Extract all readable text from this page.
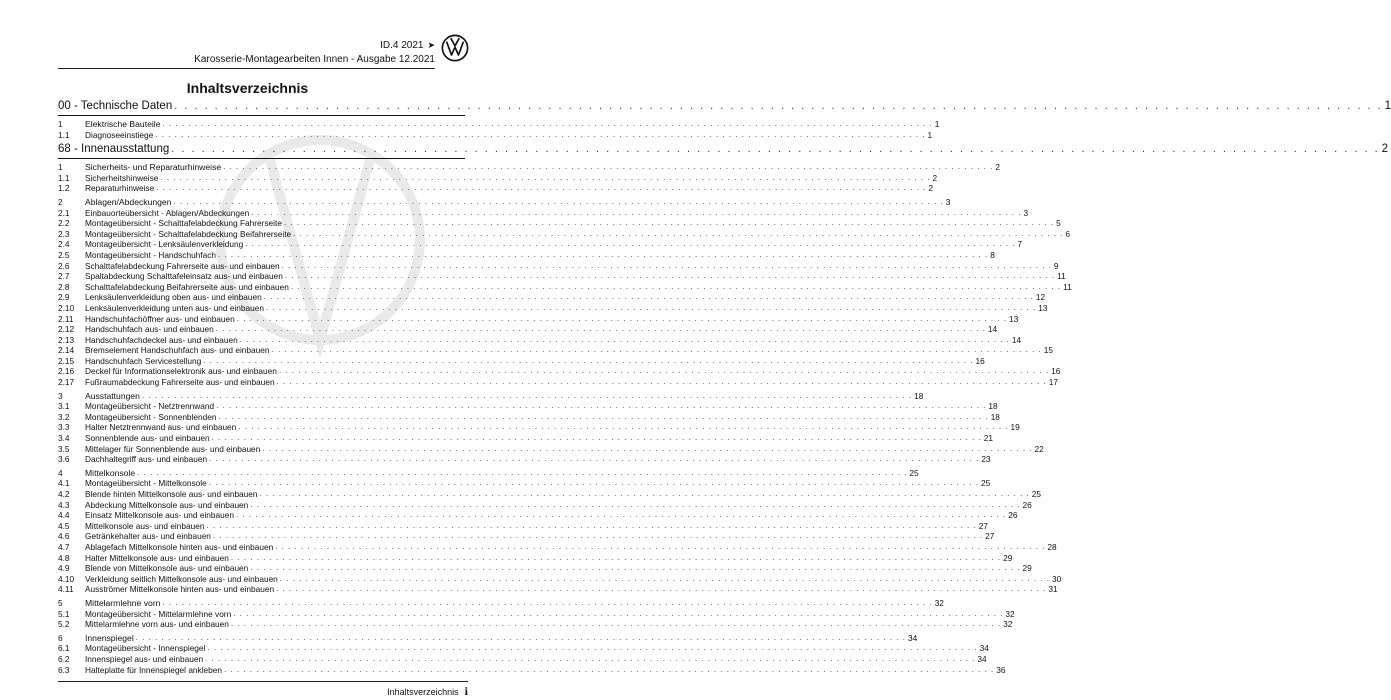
ID.4 2021 ➤
Karosserie-Montagearbeiten Innen - Ausgabe 12.2021
Inhaltsverzeichnis
00 - Technische Daten . . . . . . . . . . . . . . . . . . . . . . . . . . . . . . . . . . . . . . . . . . . . . . . . . . . . . . . . . . . . . . . . . . . . . . . . . . . . . . . . . . . . . . . . . . . . . . . . . . . . . . . . . . . . . . . . . . . . . . . . 1
1	Elektrische Bauteile . . . . . . . . . . . . . . . . . . . . . . . . . . . . . . . . . . . . . . . . . . . . . . . . . . . . . . . . . . . . . . . . . . . . . . . . . . . . . . . . . . . . . . . . . . . . . . . . . . . . . . . . . . . . . . . . . . . . . . . . 1
1.1	Diagnoseeinstiege . . . . . . . . . . . . . . . . . . . . . . . . . . . . . . . . . . . . . . . . . . . . . . . . . . . . . . . . . . . . . . . . . . . . . . . . . . . . . . . . . . . . . . . . . . . . . . . . . . . . . . . . . . . . . . . . . . . . . . . . 1
68 - Innenausstattung . . . . . . . . . . . . . . . . . . . . . . . . . . . . . . . . . . . . . . . . . . . . . . . . . . . . . . . . . . . . . . . . . . . . . . . . . . . . . . . . . . . . . . . . . . . . . . . . . . . . . . . . . . . . . . . . . . . . . . . . 2
1	Sicherheits- und Reparaturhinweise . . . . . . . . . . . . . . . . . . . . . . . . . . . . . . . . . . . . . . . . . . . . . . . . . . . . . . . . . . . . . . . . . . . . . . . . . . . . . . . . . . . . . . . . . . . . . . . . . . . . . . . . . . . . . . . . . . . . . . . . 2
1.1	Sicherheitshinweise . . . . . . . . . . . . . . . . . . . . . . . . . . . . . . . . . . . . . . . . . . . . . . . . . . . . . . . . . . . . . . . . . . . . . . . . . . . . . . . . . . . . . . . . . . . . . . . . . . . . . . . . . . . . . . . . . . . . . . . . 2
1.2	Reparaturhinweise . . . . . . . . . . . . . . . . . . . . . . . . . . . . . . . . . . . . . . . . . . . . . . . . . . . . . . . . . . . . . . . . . . . . . . . . . . . . . . . . . . . . . . . . . . . . . . . . . . . . . . . . . . . . . . . . . . . . . . . . 2
2	Ablagen/Abdeckungen . . . . . . . . . . . . . . . . . . . . . . . . . . . . . . . . . . . . . . . . . . . . . . . . . . . . . . . . . . . . . . . . . . . . . . . . . . . . . . . . . . . . . . . . . . . . . . . . . . . . . . . . . . . . . . . . . . . . . . . . 3
2.1	Einbauortеübersicht - Ablagen/Abdeckungen . . . . . . . . . . . . . . . . . . . . . . . . . . . . . . . . . . . . . . . . . . . . . . . . . . . . . . . . . . . . . . . . . . . . . . . . . . . . . . . . . . . . . . . . . . . . . . . . . . . . . . . . . . . . . . . . . . . . . . . . 3
2.2	Montageübersicht - Schalttafelabdeckung Fahrerseite . . . . . . . . . . . . . . . . . . . . . . . . . . . . . . . . . . . . . . . . . . . . . . . . . . . . . . . . . . . . . . . . . . . . . . . . . . . . . . . . . . . . . . . . . . . . . . . . . . . . . . . . . . . . . . . . . . . . . . . . 5
2.3	Montageübersicht - Schalttafelabdeckung Beifahrerseite . . . . . . . . . . . . . . . . . . . . . . . . . . . . . . . . . . . . . . . . . . . . . . . . . . . . . . . . . . . . . . . . . . . . . . . . . . . . . . . . . . . . . . . . . . . . . . . . . . . . . . . . . . . . . . . . . . . . . . . . 6
2.4	Montageübersicht - Lenksäulenverkleidung . . . . . . . . . . . . . . . . . . . . . . . . . . . . . . . . . . . . . . . . . . . . . . . . . . . . . . . . . . . . . . . . . . . . . . . . . . . . . . . . . . . . . . . . . . . . . . . . . . . . . . . . . . . . . . . . . . . . . . . . 7
2.5	Montageübersicht - Handschuhfach . . . . . . . . . . . . . . . . . . . . . . . . . . . . . . . . . . . . . . . . . . . . . . . . . . . . . . . . . . . . . . . . . . . . . . . . . . . . . . . . . . . . . . . . . . . . . . . . . . . . . . . . . . . . . . . . . . . . . . . . 8
2.6	Schalttafelabdeckung Fahrerseite aus- und einbauen . . . . . . . . . . . . . . . . . . . . . . . . . . . . . . . . . . . . . . . . . . . . . . . . . . . . . . . . . . . . . . . . . . . . . . . . . . . . . . . . . . . . . . . . . . . . . . . . . . . . . . . . . . . . . . . . . . . . . . . . 9
2.7	Spaltabdeckung Schalttafeleinsatz aus- und einbauen . . . . . . . . . . . . . . . . . . . . . . . . . . . . . . . . . . . . . . . . . . . . . . . . . . . . . . . . . . . . . . . . . . . . . . . . . . . . . . . . . . . . . . . . . . . . . . . . . . . . . . . . . . . . . . . . . . . . . . . . 11
2.8	Schalttafelabdeckung Beifahrerseite aus- und einbauen . . . . . . . . . . . . . . . . . . . . . . . . . . . . . . . . . . . . . . . . . . . . . . . . . . . . . . . . . . . . . . . . . . . . . . . . . . . . . . . . . . . . . . . . . . . . . . . . . . . . . . . . . . . . . . . . . . . . . . . . 11
2.9	Lenksäulenverkleidung oben aus- und einbauen . . . . . . . . . . . . . . . . . . . . . . . . . . . . . . . . . . . . . . . . . . . . . . . . . . . . . . . . . . . . . . . . . . . . . . . . . . . . . . . . . . . . . . . . . . . . . . . . . . . . . . . . . . . . . . . . . . . . . . . . 12
2.10	Lenksäulenverkleidung unten aus- und einbauen . . . . . . . . . . . . . . . . . . . . . . . . . . . . . . . . . . . . . . . . . . . . . . . . . . . . . . . . . . . . . . . . . . . . . . . . . . . . . . . . . . . . . . . . . . . . . . . . . . . . . . . . . . . . . . . . . . . . . . . . 13
2.11	Handschuhfachöffner aus- und einbauen . . . . . . . . . . . . . . . . . . . . . . . . . . . . . . . . . . . . . . . . . . . . . . . . . . . . . . . . . . . . . . . . . . . . . . . . . . . . . . . . . . . . . . . . . . . . . . . . . . . . . . . . . . . . . . . . . . . . . . . . 13
2.12	Handschuhfach aus- und einbauen . . . . . . . . . . . . . . . . . . . . . . . . . . . . . . . . . . . . . . . . . . . . . . . . . . . . . . . . . . . . . . . . . . . . . . . . . . . . . . . . . . . . . . . . . . . . . . . . . . . . . . . . . . . . . . . . . . . . . . . . 14
2.13	Handschuhfachdeckel aus- und einbauen . . . . . . . . . . . . . . . . . . . . . . . . . . . . . . . . . . . . . . . . . . . . . . . . . . . . . . . . . . . . . . . . . . . . . . . . . . . . . . . . . . . . . . . . . . . . . . . . . . . . . . . . . . . . . . . . . . . . . . . . 14
2.14	Bremselement Handschuhfach aus- und einbauen . . . . . . . . . . . . . . . . . . . . . . . . . . . . . . . . . . . . . . . . . . . . . . . . . . . . . . . . . . . . . . . . . . . . . . . . . . . . . . . . . . . . . . . . . . . . . . . . . . . . . . . . . . . . . . . . . . . . . . . . 15
2.15	Handschuhfach Servicestellung . . . . . . . . . . . . . . . . . . . . . . . . . . . . . . . . . . . . . . . . . . . . . . . . . . . . . . . . . . . . . . . . . . . . . . . . . . . . . . . . . . . . . . . . . . . . . . . . . . . . . . . . . . . . . . . . . . . . . . . . 16
2.16	Deckel für Informationselektronik aus- und einbauen . . . . . . . . . . . . . . . . . . . . . . . . . . . . . . . . . . . . . . . . . . . . . . . . . . . . . . . . . . . . . . . . . . . . . . . . . . . . . . . . . . . . . . . . . . . . . . . . . . . . . . . . . . . . . . . . . . . . . . . . 16
2.17	Fußraumabdeckung Fahrerseite aus- und einbauen . . . . . . . . . . . . . . . . . . . . . . . . . . . . . . . . . . . . . . . . . . . . . . . . . . . . . . . . . . . . . . . . . . . . . . . . . . . . . . . . . . . . . . . . . . . . . . . . . . . . . . . . . . . . . . . . . . . . . . . . 17
3	Ausstattungen . . . . . . . . . . . . . . . . . . . . . . . . . . . . . . . . . . . . . . . . . . . . . . . . . . . . . . . . . . . . . . . . . . . . . . . . . . . . . . . . . . . . . . . . . . . . . . . . . . . . . . . . . . . . . . . . . . . . . . . . 18
3.1	Montageübersicht - Netztrennwand . . . . . . . . . . . . . . . . . . . . . . . . . . . . . . . . . . . . . . . . . . . . . . . . . . . . . . . . . . . . . . . . . . . . . . . . . . . . . . . . . . . . . . . . . . . . . . . . . . . . . . . . . . . . . . . . . . . . . . . . 18
3.2	Montageübersicht - Sonnenblenden . . . . . . . . . . . . . . . . . . . . . . . . . . . . . . . . . . . . . . . . . . . . . . . . . . . . . . . . . . . . . . . . . . . . . . . . . . . . . . . . . . . . . . . . . . . . . . . . . . . . . . . . . . . . . . . . . . . . . . . . 18
3.3	Halter Netztrennwand aus- und einbauen . . . . . . . . . . . . . . . . . . . . . . . . . . . . . . . . . . . . . . . . . . . . . . . . . . . . . . . . . . . . . . . . . . . . . . . . . . . . . . . . . . . . . . . . . . . . . . . . . . . . . . . . . . . . . . . . . . . . . . . . 19
3.4	Sonnenblende aus- und einbauen . . . . . . . . . . . . . . . . . . . . . . . . . . . . . . . . . . . . . . . . . . . . . . . . . . . . . . . . . . . . . . . . . . . . . . . . . . . . . . . . . . . . . . . . . . . . . . . . . . . . . . . . . . . . . . . . . . . . . . . . 21
3.5	Mittelager für Sonnenblende aus- und einbauen . . . . . . . . . . . . . . . . . . . . . . . . . . . . . . . . . . . . . . . . . . . . . . . . . . . . . . . . . . . . . . . . . . . . . . . . . . . . . . . . . . . . . . . . . . . . . . . . . . . . . . . . . . . . . . . . . . . . . . . . 22
3.6	Dachhaltegriff aus- und einbauen . . . . . . . . . . . . . . . . . . . . . . . . . . . . . . . . . . . . . . . . . . . . . . . . . . . . . . . . . . . . . . . . . . . . . . . . . . . . . . . . . . . . . . . . . . . . . . . . . . . . . . . . . . . . . . . . . . . . . . . . 23
4	Mittelkonsole . . . . . . . . . . . . . . . . . . . . . . . . . . . . . . . . . . . . . . . . . . . . . . . . . . . . . . . . . . . . . . . . . . . . . . . . . . . . . . . . . . . . . . . . . . . . . . . . . . . . . . . . . . . . . . . . . . . . . . . . 25
4.1	Montageübersicht - Mittelkonsole . . . . . . . . . . . . . . . . . . . . . . . . . . . . . . . . . . . . . . . . . . . . . . . . . . . . . . . . . . . . . . . . . . . . . . . . . . . . . . . . . . . . . . . . . . . . . . . . . . . . . . . . . . . . . . . . . . . . . . . . 25
4.2	Blende hinten Mittelkonsole aus- und einbauen . . . . . . . . . . . . . . . . . . . . . . . . . . . . . . . . . . . . . . . . . . . . . . . . . . . . . . . . . . . . . . . . . . . . . . . . . . . . . . . . . . . . . . . . . . . . . . . . . . . . . . . . . . . . . . . . . . . . . . . . 25
4.3	Abdeckung Mittelkonsole aus- und einbauen . . . . . . . . . . . . . . . . . . . . . . . . . . . . . . . . . . . . . . . . . . . . . . . . . . . . . . . . . . . . . . . . . . . . . . . . . . . . . . . . . . . . . . . . . . . . . . . . . . . . . . . . . . . . . . . . . . . . . . . . 26
4.4	Einsatz Mittelkonsole aus- und einbauen . . . . . . . . . . . . . . . . . . . . . . . . . . . . . . . . . . . . . . . . . . . . . . . . . . . . . . . . . . . . . . . . . . . . . . . . . . . . . . . . . . . . . . . . . . . . . . . . . . . . . . . . . . . . . . . . . . . . . . . . 26
4.5	Mittelkonsole aus- und einbauen . . . . . . . . . . . . . . . . . . . . . . . . . . . . . . . . . . . . . . . . . . . . . . . . . . . . . . . . . . . . . . . . . . . . . . . . . . . . . . . . . . . . . . . . . . . . . . . . . . . . . . . . . . . . . . . . . . . . . . . . 27
4.6	Getränkehalter aus- und einbauen . . . . . . . . . . . . . . . . . . . . . . . . . . . . . . . . . . . . . . . . . . . . . . . . . . . . . . . . . . . . . . . . . . . . . . . . . . . . . . . . . . . . . . . . . . . . . . . . . . . . . . . . . . . . . . . . . . . . . . . . 27
4.7	Ablagefach Mittelkonsole hinten aus- und einbauen . . . . . . . . . . . . . . . . . . . . . . . . . . . . . . . . . . . . . . . . . . . . . . . . . . . . . . . . . . . . . . . . . . . . . . . . . . . . . . . . . . . . . . . . . . . . . . . . . . . . . . . . . . . . . . . . . . . . . . . . 28
4.8	Halter Mittelkonsole aus- und einbauen . . . . . . . . . . . . . . . . . . . . . . . . . . . . . . . . . . . . . . . . . . . . . . . . . . . . . . . . . . . . . . . . . . . . . . . . . . . . . . . . . . . . . . . . . . . . . . . . . . . . . . . . . . . . . . . . . . . . . . . . 29
4.9	Blende von Mittelkonsole aus- und einbauen . . . . . . . . . . . . . . . . . . . . . . . . . . . . . . . . . . . . . . . . . . . . . . . . . . . . . . . . . . . . . . . . . . . . . . . . . . . . . . . . . . . . . . . . . . . . . . . . . . . . . . . . . . . . . . . . . . . . . . . . 29
4.10	Verkleidung seitlich Mittelkonsole aus- und einbauen . . . . . . . . . . . . . . . . . . . . . . . . . . . . . . . . . . . . . . . . . . . . . . . . . . . . . . . . . . . . . . . . . . . . . . . . . . . . . . . . . . . . . . . . . . . . . . . . . . . . . . . . . . . . . . . . . . . . . . . . 30
4.11	Ausströmer Mittelkonsole hinten aus- und einbauen . . . . . . . . . . . . . . . . . . . . . . . . . . . . . . . . . . . . . . . . . . . . . . . . . . . . . . . . . . . . . . . . . . . . . . . . . . . . . . . . . . . . . . . . . . . . . . . . . . . . . . . . . . . . . . . . . . . . . . . . 31
5	Mittelarmlehne vorn . . . . . . . . . . . . . . . . . . . . . . . . . . . . . . . . . . . . . . . . . . . . . . . . . . . . . . . . . . . . . . . . . . . . . . . . . . . . . . . . . . . . . . . . . . . . . . . . . . . . . . . . . . . . . . . . . . . . . . . . 32
5.1	Montageübersicht - Mittelarmlehne vorn . . . . . . . . . . . . . . . . . . . . . . . . . . . . . . . . . . . . . . . . . . . . . . . . . . . . . . . . . . . . . . . . . . . . . . . . . . . . . . . . . . . . . . . . . . . . . . . . . . . . . . . . . . . . . . . . . . . . . . . . 32
5.2	Mittelarmlehne vorn aus- und einbauen . . . . . . . . . . . . . . . . . . . . . . . . . . . . . . . . . . . . . . . . . . . . . . . . . . . . . . . . . . . . . . . . . . . . . . . . . . . . . . . . . . . . . . . . . . . . . . . . . . . . . . . . . . . . . . . . . . . . . . . . 32
6	Innenspiegel . . . . . . . . . . . . . . . . . . . . . . . . . . . . . . . . . . . . . . . . . . . . . . . . . . . . . . . . . . . . . . . . . . . . . . . . . . . . . . . . . . . . . . . . . . . . . . . . . . . . . . . . . . . . . . . . . . . . . . . . 34
6.1	Montageübersicht - Innenspiegel . . . . . . . . . . . . . . . . . . . . . . . . . . . . . . . . . . . . . . . . . . . . . . . . . . . . . . . . . . . . . . . . . . . . . . . . . . . . . . . . . . . . . . . . . . . . . . . . . . . . . . . . . . . . . . . . . . . . . . . . 34
6.2	Innenspiegel aus- und einbauen . . . . . . . . . . . . . . . . . . . . . . . . . . . . . . . . . . . . . . . . . . . . . . . . . . . . . . . . . . . . . . . . . . . . . . . . . . . . . . . . . . . . . . . . . . . . . . . . . . . . . . . . . . . . . . . . . . . . . . . . 34
6.3	Halteplatte für Innenspiegel ankleben . . . . . . . . . . . . . . . . . . . . . . . . . . . . . . . . . . . . . . . . . . . . . . . . . . . . . . . . . . . . . . . . . . . . . . . . . . . . . . . . . . . . . . . . . . . . . . . . . . . . . . . . . . . . . . . . . . . . . . . . 36
Inhaltsverzeichnis i
